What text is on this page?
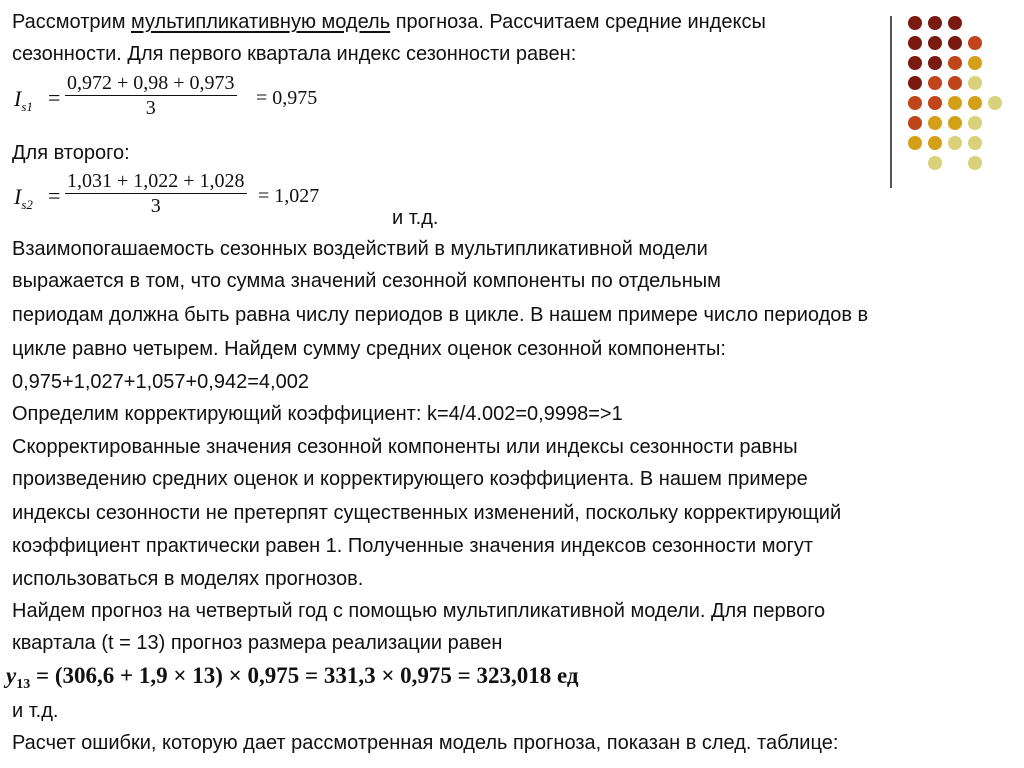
Рассмотрим мультипликативную модель прогноза. Рассчитаем средние индексы
сезонности. Для первого квартала индекс сезонности равен:
$I_{s1}$ =
0,972 + 0,98 + 0,973
3	= 0,975
Для второго:
$I_{s2}$ =
1,031 + 1,022 + 1,028
3	= 1,027
и т.д.
Взаимопогашаемость сезонных воздействий в мультипликативной модели
выражается в том, что сумма значений сезонной компоненты по отдельным
периодам должна быть равна числу периодов в цикле. В нашем примере число периодов в
цикле равно четырем. Найдем сумму средних оценок сезонной компоненты:
0,975+1,027+1,057+0,942=4,002
Определим корректирующий коэффициент: k=4/4.002=0,9998=>1
Скорректированные значения сезонной компоненты или индексы сезонности равны
произведению средних оценок и корректирующего коэффициента. В нашем примере
индексы сезонности не претерпят существенных изменений, поскольку корректирующий
коэффициент практически равен 1. Полученные значения индексов сезонности могут
использоваться в моделях прогнозов.
Найдем прогноз на четвертый год с помощью мультипликативной модели. Для первого
квартала (t = 13) прогноз размера реализации равен
$y_{13} = (306,6 + 1,9 \times 13) \times 0,975 = 331,3 \times 0,975 = 323,018$ ед
и т.д.
Расчет ошибки, которую дает рассмотренная модель прогноза, показан в след. таблице:
